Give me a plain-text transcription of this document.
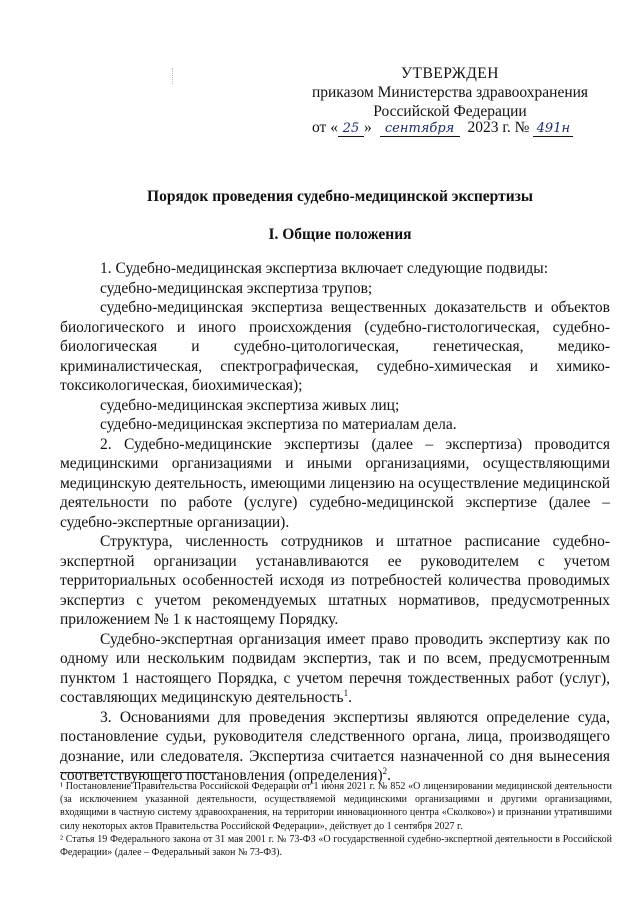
УТВЕРЖДЕН
приказом Министерства здравоохранения
Российской Федерации
от « 25 » сентября 2023 г. № 491н
Порядок проведения судебно-медицинской экспертизы
I. Общие положения

1. Судебно-медицинская экспертиза включает следующие подвиды:

судебно-медицинская экспертиза трупов;

судебно-медицинская экспертиза вещественных доказательств и объектов биологического и иного происхождения (судебно-гистологическая, судебно-биологическая и судебно-цитологическая, генетическая, медико-криминалистическая, спектрографическая, судебно-химическая и химико-токсикологическая, биохимическая);

судебно-медицинская экспертиза живых лиц;

судебно-медицинская экспертиза по материалам дела.

2. Судебно-медицинские экспертизы (далее – экспертиза) проводится медицинскими организациями и иными организациями, осуществляющими медицинскую деятельность, имеющими лицензию на осуществление медицинской деятельности по работе (услуге) судебно-медицинской экспертизе (далее – судебно-экспертные организации).

Структура, численность сотрудников и штатное расписание судебно-экспертной организации устанавливаются ее руководителем с учетом территориальных особенностей исходя из потребностей количества проводимых экспертиз с учетом рекомендуемых штатных нормативов, предусмотренных приложением № 1 к настоящему Порядку.

Судебно-экспертная организация имеет право проводить экспертизу как по одному или нескольким подвидам экспертиз, так и по всем, предусмотренным пунктом 1 настоящего Порядка, с учетом перечня тождественных работ (услуг), составляющих медицинскую деятельность$^1$.

3. Основаниями для проведения экспертизы являются определение суда, постановление судьи, руководителя следственного органа, лица, производящего дознание, или следователя. Экспертиза считается назначенной со дня вынесения соответствующего постановления (определения)$^2$.

¹ Постановление Правительства Российской Федерации от 1 июня 2021 г. № 852 «О лицензировании медицинской деятельности (за исключением указанной деятельности, осуществляемой медицинскими организациями и другими организациями, входящими в частную систему здравоохранения, на территории инновационного центра «Сколково») и признании утратившими силу некоторых актов Правительства Российской Федерации», действует до 1 сентября 2027 г.

² Статья 19 Федерального закона от 31 мая 2001 г. № 73-ФЗ «О государственной судебно-экспертной деятельности в Российской Федерации» (далее – Федеральный закон № 73-ФЗ).
